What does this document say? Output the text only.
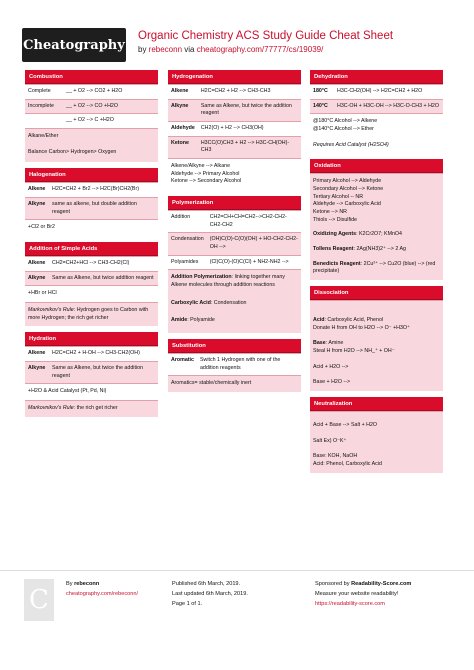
Cheatography
Organic Chemistry ACS Study Guide Cheat Sheet
by rebeconn via cheatography.com/77777/cs/19039/
Combustion
Complete	__ + O2 --> CO2 + H2O
Incomplete	__ + O2 --> CO +H2O
	__ + O2 --> C +H2O
Alkane/Ether
Balance Carbon> Hydrogen> Oxygen
Halogenation
Alkene	H2C=CH2 + Br2 --> H2C(Br)CH2(Br)
Alkyne	same as alkene, but double addition reagent
+Cl2 or Br2
Addition of Simple Acids
Alkene	CH2=CH2+HCl --> CH3-CH2(Cl)
Alkyne	Same as Alkene, but twice addition reagent
+HBr or HCl
Markovnikov's Rule: Hydrogen goes to Carbon with more Hydrogen; the rich get richer
Hydration
Alkene	H2C=CH2 + H-OH --> CH3-CH2(OH)
Alkyne	Same as Alkene, but twice the addition reagent
+H2O & Acid Catalyst (Pt, Pd, Ni)
Markovnikov's Rule: the rich get richer
Hydrogenation
Alkene	H2C=CH2 + H2 --> CH3-CH3
Alkyne	Same as Alkene, but twice the addition reagent
Aldehyde	CH2(O) + H2 --> CH3(OH)
Ketone	H3CC(O)CH3 + H2 --> H3C-CH(OH)-CH3
Alkene/Alkyne --> Alkane
Aldehyde --> Primary Alcohol
Ketone --> Secondary Alcohol
Polymerization
Addition	CH2=CH+CH=CH2-->CH2-CH2-CH2-CH2
Condensation	(OH)C(O)-C(O)(OH) + HO-CH2-CH2-OH -->
Polyamides	(Cl)C(O)-(O)C(Cl) + NH2-NH2 -->
Addition Polymerization: linking together many Alkene molecules through addition reactions
Carboxylic Acid: Condensation
Amide: Polyamide
Substitution
Aromatic	Switch 1 Hydrogen with one of the addition reagents
Aromatics= stable/chemically inert
Dehydration
180°C	H3C-CH2(OH) --> H2C=CH2 + H2O
140°C	H3C-OH + H3C-OH --> H3C-O-CH3 + H2O
@180°C Alcohol --> Alkene
@140°C Alcohol --> Ether
Requires Acid Catalyst (H2SO4)
Oxidation
Primary Alcohol --> Aldehyde
Secondary Alcohol --> Ketone
Tertiary Alcohol -- NR
Aldehyde --> Carboxylic Acid
Ketone --> NR
Thiols --> Disulfide
Oxidizing Agents: K2Cr2O7; KMnO4
Tollens Reagent: 2Ag(NH3)2⁺ --> 2 Ag
Benedicts Reagent: 2Cu²⁺ --> Cu2O (blue) --> (red precipitate)
Dissociation
Acid: Carboxylic Acid, Phenol
Donate H from OH to H2O --> O⁻ +H3O⁺
Base: Amine
Steal H from H2O --> NH_⁺ + OH⁻
Acid + H2O -->
Base + H2O -->
Neutralization
Acid + Base --> Salt + H2O
Salt Ex) O⁻K⁺
Base: KOH, NaOH
Acid: Phenol, Carboxylic Acid
C
By rebeconn
cheatography.com/rebeconn/
Published 6th March, 2019.
Last updated 6th March, 2019.
Page 1 of 1.
Sponsored by Readability-Score.com
Measure your website readability!
https://readability-score.com
